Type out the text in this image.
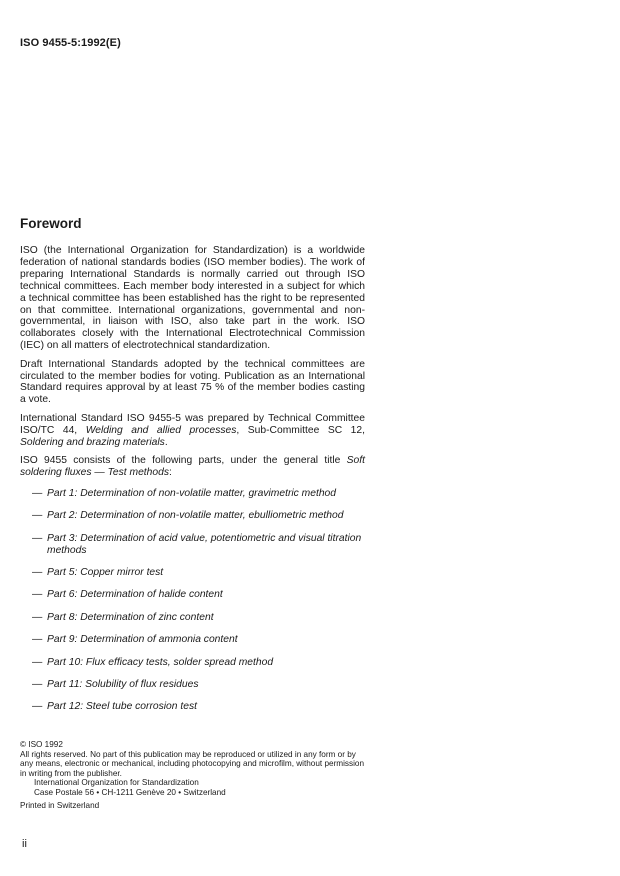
ISO 9455-5:1992(E)
Foreword

ISO (the International Organization for Standardization) is a worldwide federation of national standards bodies (ISO member bodies). The work of preparing International Standards is normally carried out through ISO technical committees. Each member body interested in a subject for which a technical committee has been established has the right to be represented on that committee. International organizations, governmental and non-governmental, in liaison with ISO, also take part in the work. ISO collaborates closely with the International Electrotechnical Commission (IEC) on all matters of electrotechnical standardization.

Draft International Standards adopted by the technical committees are circulated to the member bodies for voting. Publication as an International Standard requires approval by at least 75 % of the member bodies casting a vote.

International Standard ISO 9455-5 was prepared by Technical Committee ISO/TC 44, Welding and allied processes, Sub-Committee SC 12, Soldering and brazing materials.

ISO 9455 consists of the following parts, under the general title Soft soldering fluxes — Test methods:

— Part 1: Determination of non-volatile matter, gravimetric method
— Part 2: Determination of non-volatile matter, ebulliometric method
— Part 3: Determination of acid value, potentiometric and visual titration methods
— Part 5: Copper mirror test
— Part 6: Determination of halide content
— Part 8: Determination of zinc content
— Part 9: Determination of ammonia content
— Part 10: Flux efficacy tests, solder spread method
— Part 11: Solubility of flux residues
— Part 12: Steel tube corrosion test

© ISO 1992

All rights reserved. No part of this publication may be reproduced or utilized in any form or by any means, electronic or mechanical, including photocopying and microfilm, without permission in writing from the publisher.

International Organization for Standardization

Case Postale 56 • CH-1211 Genève 20 • Switzerland

Printed in Switzerland

ii
